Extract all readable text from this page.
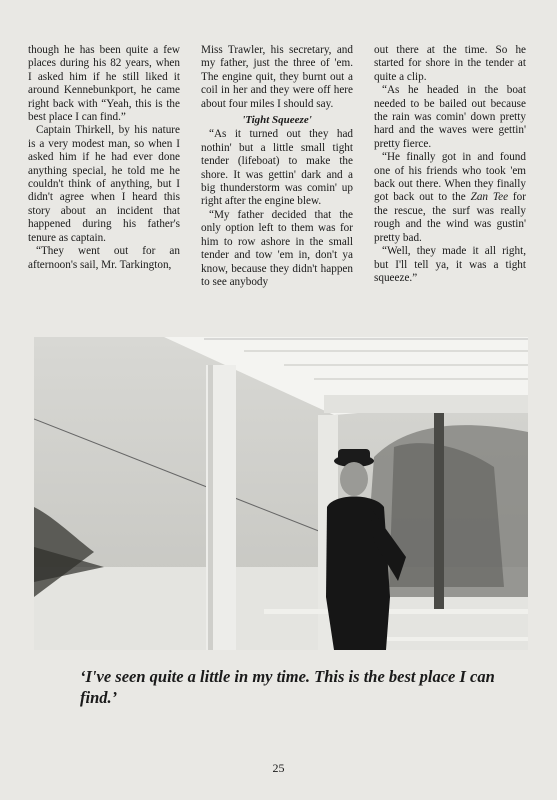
though he has been quite a few places during his 82 years, when I asked him if he still liked it around Kennebunkport, he came right back with “Yeah, this is the best place I can find.”

Captain Thirkell, by his nature is a very modest man, so when I asked him if he had ever done anything special, he told me he couldn't think of anything, but I didn't agree when I heard this story about an incident that happened during his father's tenure as captain.

“They went out for an afternoon's sail, Mr. Tarkington,

Miss Trawler, his secretary, and my father, just the three of 'em. The engine quit, they burnt out a coil in her and they were off here about four miles I should say.

'Tight Squeeze'

“As it turned out they had nothin' but a little small tight tender (lifeboat) to make the shore. It was gettin' dark and a big thunderstorm was comin' up right after the engine blew.

“My father decided that the only option left to them was for him to row ashore in the small tender and tow 'em in, don't ya know, because they didn't happen to see anybody

out there at the time. So he started for shore in the tender at quite a clip.

“As he headed in the boat needed to be bailed out because the rain was comin' down pretty hard and the waves were gettin' pretty fierce.

“He finally got in and found one of his friends who took 'em back out there. When they finally got back out to the Zan Tee for the rescue, the surf was really rough and the wind was gustin' pretty bad.

“Well, they made it all right, but I'll tell ya, it was a tight squeeze.”

‘I've seen quite a little in my time. This is the best place I can find.’
25
